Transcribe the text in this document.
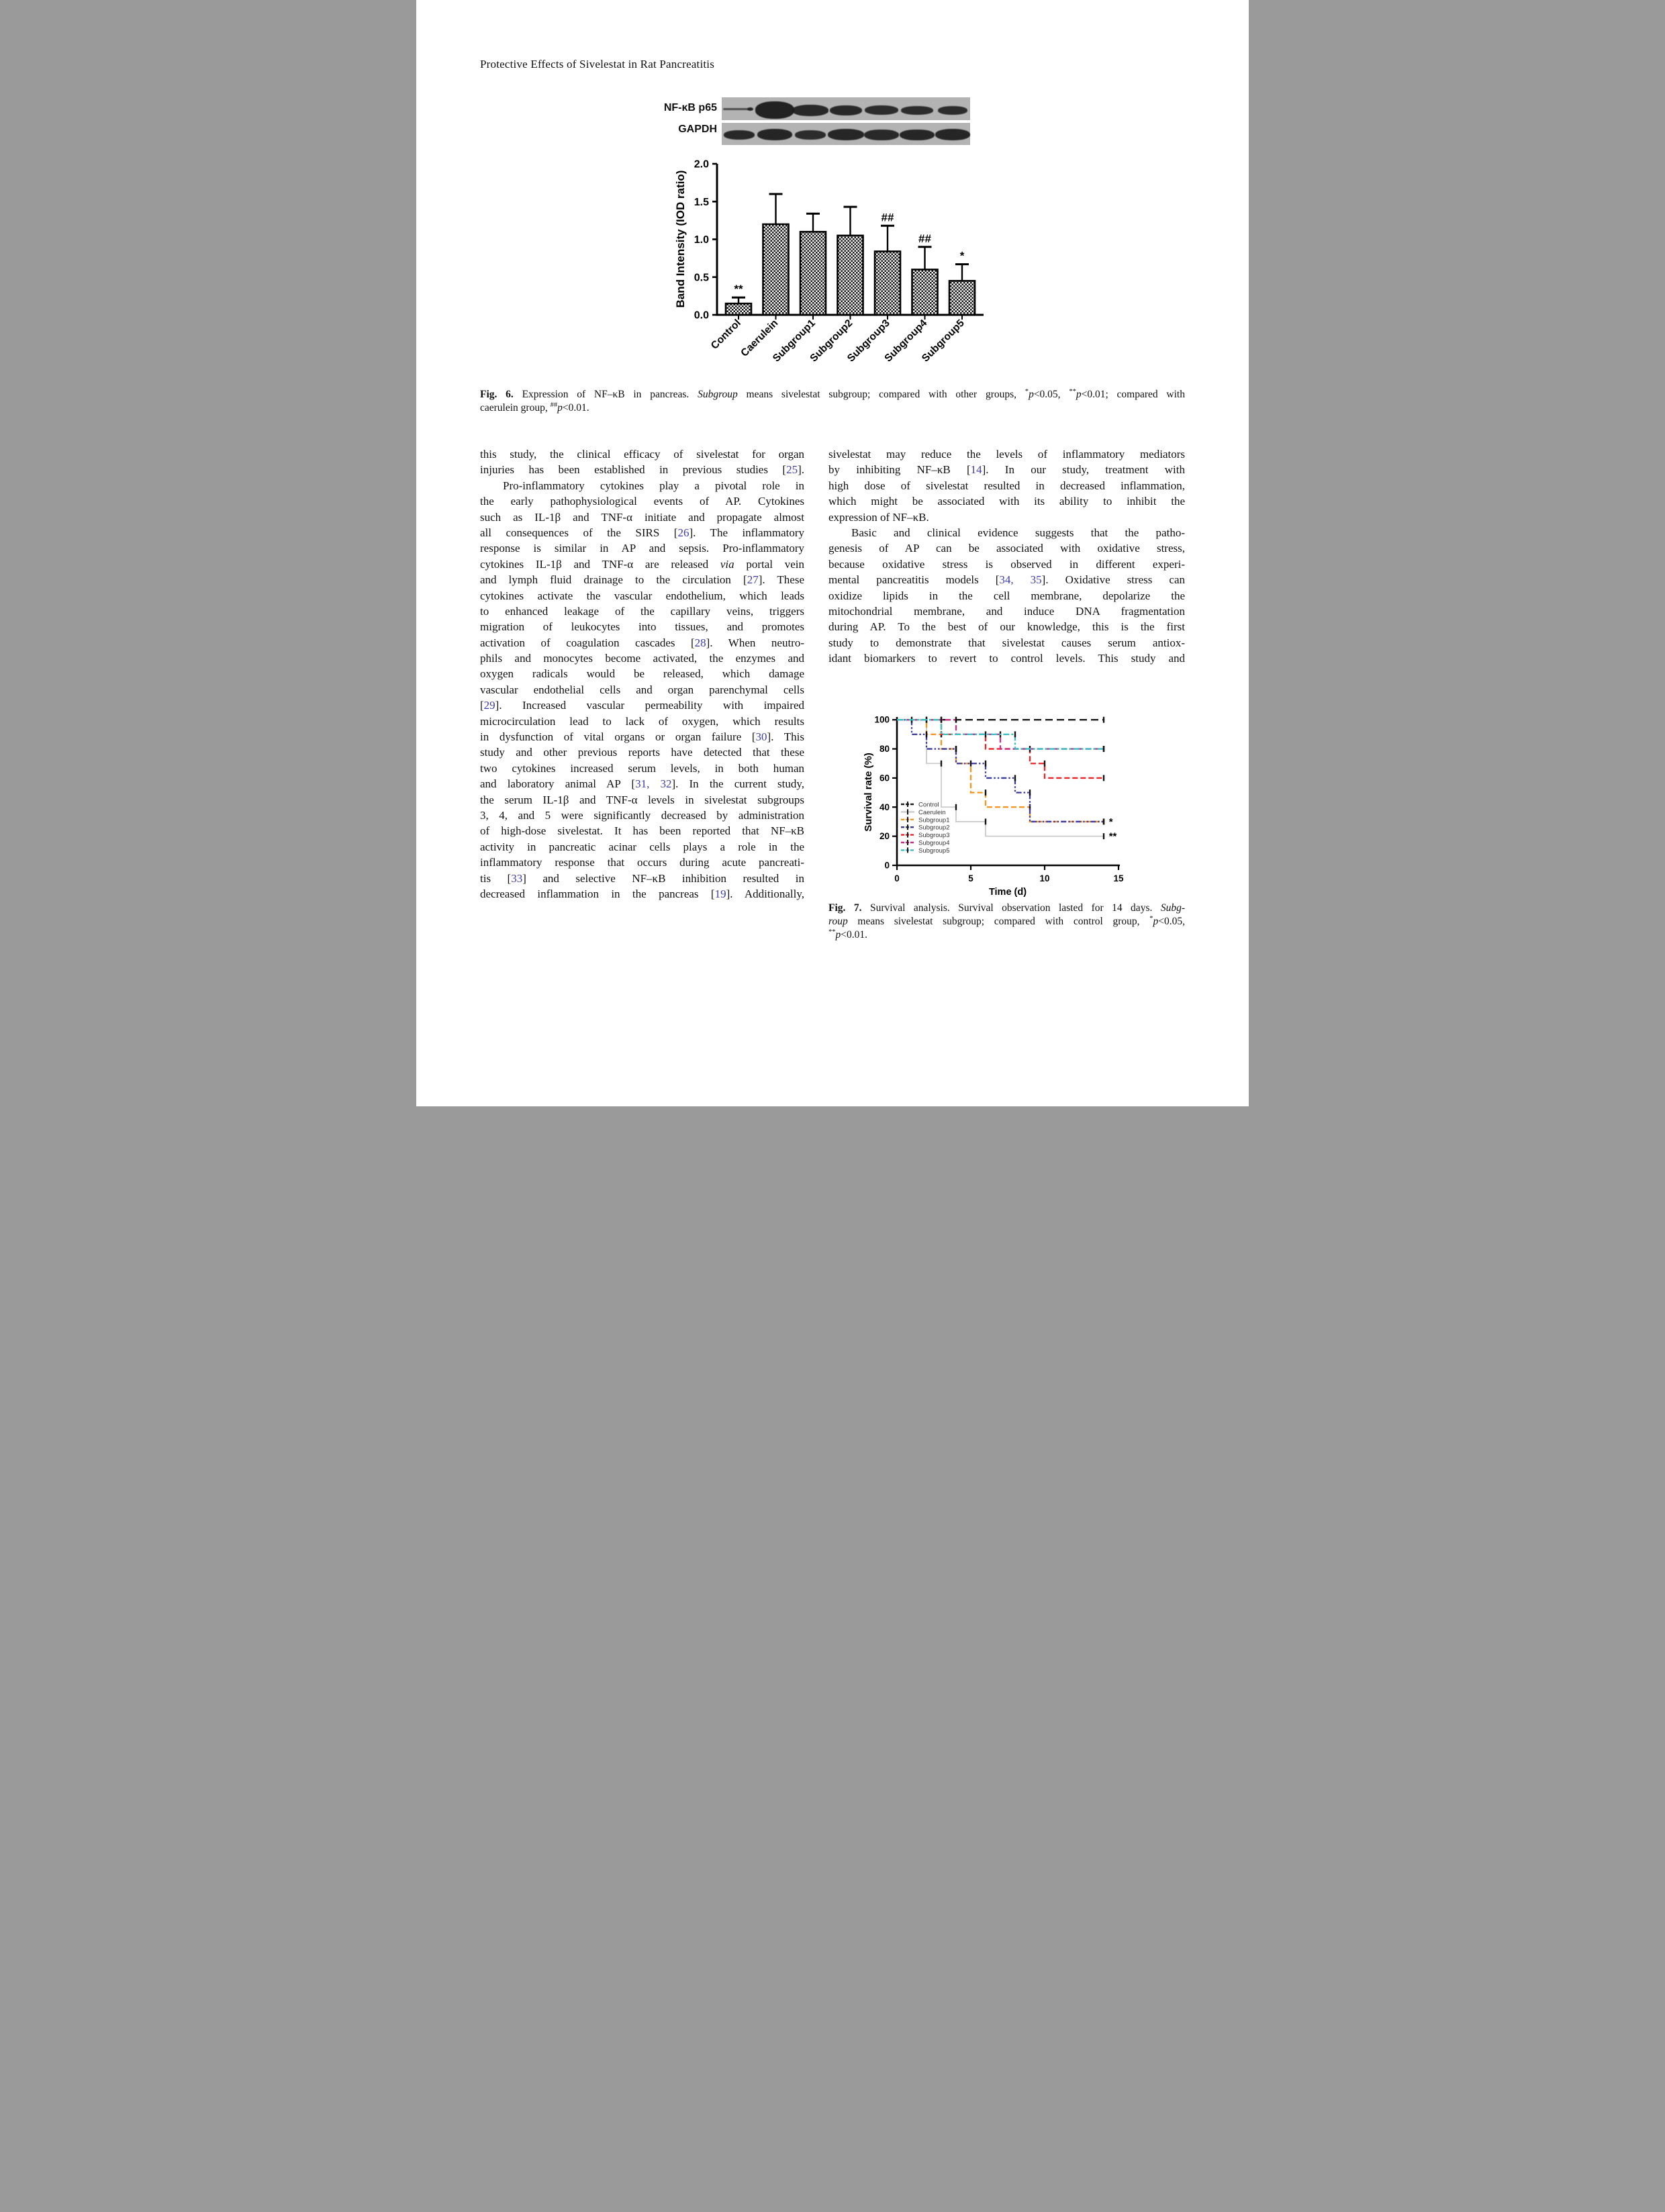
Protective Effects of Sivelestat in Rat Pancreatitis
NF-κB p65
GAPDH
0.0
0.5
1.0
1.5
2.0
Band Intensity (IOD ratio)	**
Control
Caerulein
Subgroup1
Subgroup2
##
Subgroup3
##
Subgroup4
*
Subgroup5
Fig. 6. Expression of NF–κB in pancreas. Subgroup means sivelestat subgroup; compared with other groups, *p<0.05, **p<0.01; compared with
caerulein group, ##p<0.01.
this study, the clinical efficacy of sivelestat for organ
injuries has been established in previous studies [25].
Pro-inflammatory cytokines play a pivotal role in
the early pathophysiological events of AP. Cytokines
such as IL-1β and TNF-α initiate and propagate almost
all consequences of the SIRS [26]. The inflammatory
response is similar in AP and sepsis. Pro-inflammatory
cytokines IL-1β and TNF-α are released via portal vein
and lymph fluid drainage to the circulation [27]. These
cytokines activate the vascular endothelium, which leads
to enhanced leakage of the capillary veins, triggers
migration of leukocytes into tissues, and promotes
activation of coagulation cascades [28]. When neutro-
phils and monocytes become activated, the enzymes and
oxygen radicals would be released, which damage
vascular endothelial cells and organ parenchymal cells
[29]. Increased vascular permeability with impaired
microcirculation lead to lack of oxygen, which results
in dysfunction of vital organs or organ failure [30]. This
study and other previous reports have detected that these
two cytokines increased serum levels, in both human
and laboratory animal AP [31, 32]. In the current study,
the serum IL-1β and TNF-α levels in sivelestat subgroups
3, 4, and 5 were significantly decreased by administration
of high-dose sivelestat. It has been reported that NF–κB
activity in pancreatic acinar cells plays a role in the
inflammatory response that occurs during acute pancreati-
tis [33] and selective NF–κB inhibition resulted in
decreased inflammation in the pancreas [19]. Additionally,
sivelestat may reduce the levels of inflammatory mediators
by inhibiting NF–κB [14]. In our study, treatment with
high dose of sivelestat resulted in decreased inflammation,
which might be associated with its ability to inhibit the
expression of NF–κB.
Basic and clinical evidence suggests that the patho-
genesis of AP can be associated with oxidative stress,
because oxidative stress is observed in different experi-
mental pancreatitis models [34, 35]. Oxidative stress can
oxidize lipids in the cell membrane, depolarize the
mitochondrial membrane, and induce DNA fragmentation
during AP. To the best of our knowledge, this is the first
study to demonstrate that sivelestat causes serum antiox-
idant biomarkers to revert to control levels. This study and
0
20
40
60
80
100
0	5	10	15
Survival rate (%)
Time (d)
Control
Caerulein
Subgroup1
Subgroup2
Subgroup3
Subgroup4
Subgroup5
*
**
Fig. 7. Survival analysis. Survival observation lasted for 14 days. Subg-
roup means sivelestat subgroup; compared with control group, *p<0.05,
**p<0.01.
